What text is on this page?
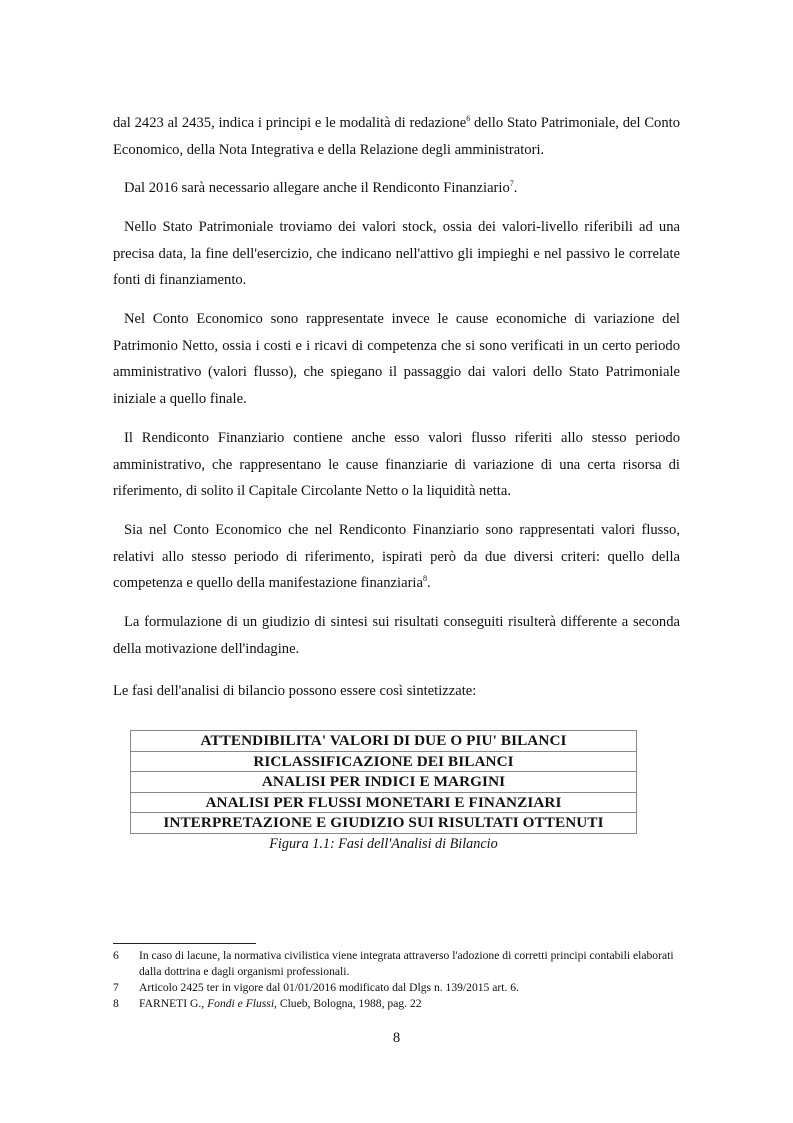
dal 2423 al 2435, indica i principi e le modalità di redazione$^6$ dello Stato Patrimoniale, del Conto Economico, della Nota Integrativa e della Relazione degli amministratori.

Dal 2016 sarà necessario allegare anche il Rendiconto Finanziario$^7$.

Nello Stato Patrimoniale troviamo dei valori stock, ossia dei valori-livello riferibili ad una precisa data, la fine dell'esercizio, che indicano nell'attivo gli impieghi e nel passivo le correlate fonti di finanziamento.

Nel Conto Economico sono rappresentate invece le cause economiche di variazione del Patrimonio Netto, ossia i costi e i ricavi di competenza che si sono verificati in un certo periodo amministrativo (valori flusso), che spiegano il passaggio dai valori dello Stato Patrimoniale iniziale a quello finale.

Il Rendiconto Finanziario contiene anche esso valori flusso riferiti allo stesso periodo amministrativo, che rappresentano le cause finanziarie di variazione di una certa risorsa di riferimento, di solito il Capitale Circolante Netto o la liquidità netta.

Sia nel Conto Economico che nel Rendiconto Finanziario sono rappresentati valori flusso, relativi allo stesso periodo di riferimento, ispirati però da due diversi criteri: quello della competenza e quello della manifestazione finanziaria$^8$.

La formulazione di un giudizio di sintesi sui risultati conseguiti risulterà differente a seconda della motivazione dell'indagine.

Le fasi dell'analisi di bilancio possono essere così sintetizzate:

ATTENDIBILITA' VALORI DI DUE O PIU' BILANCI
RICLASSIFICAZIONE DEI BILANCI
ANALISI PER INDICI E MARGINI
ANALISI PER FLUSSI MONETARI E FINANZIARI
INTERPRETAZIONE E GIUDIZIO SUI RISULTATI OTTENUTI
Figura 1.1: Fasi dell'Analisi di Bilancio
6	In caso di lacune, la normativa civilistica viene integrata attraverso l'adozione di corretti principi contabili elaborati dalla dottrina e dagli organismi professionali.
7	Articolo 2425 ter in vigore dal 01/01/2016 modificato dal Dlgs n. 139/2015 art. 6.
8	FARNETI G., Fondi e Flussi, Clueb, Bologna, 1988, pag. 22
8
